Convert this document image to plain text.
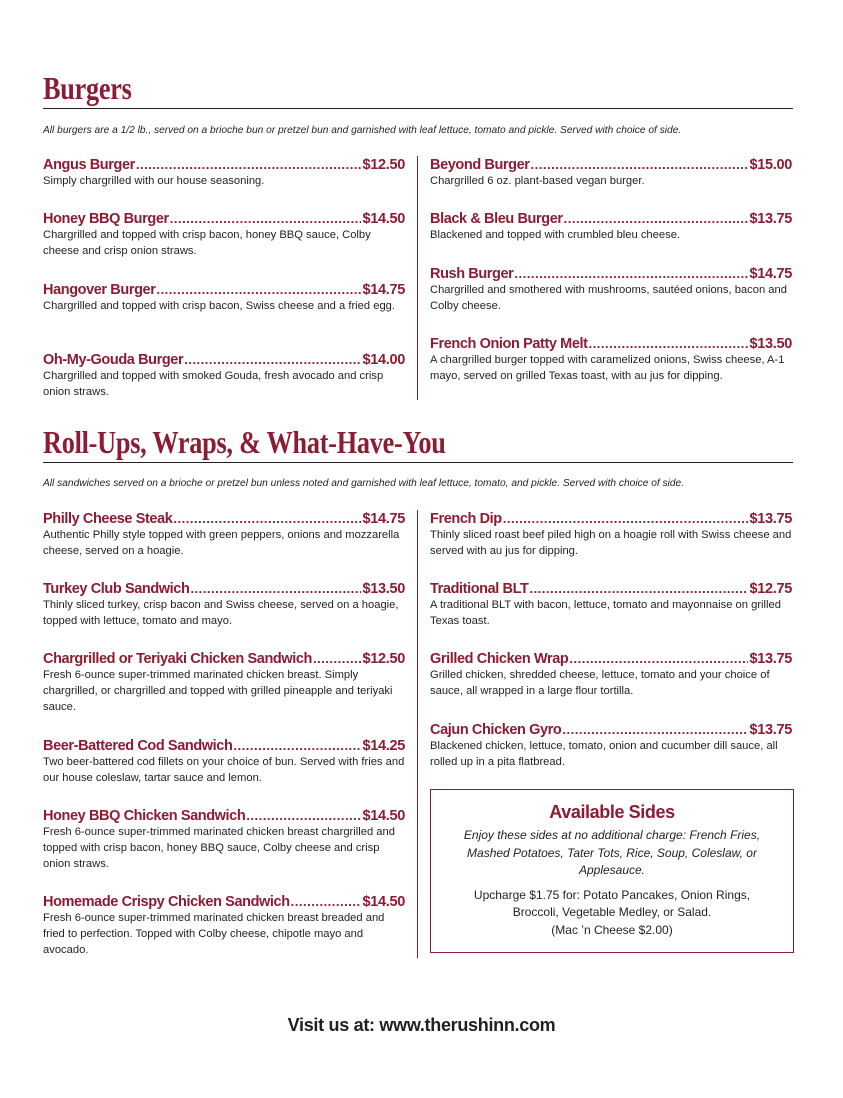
Burgers
All burgers are a 1/2 lb., served on a brioche bun or pretzel bun and garnished with leaf lettuce, tomato and pickle. Served with choice of side.
Angus Burger .....	$12.50
Simply chargrilled with our house seasoning.
Honey BBQ Burger .....	$14.50
Chargrilled and topped with crisp bacon, honey BBQ sauce, Colby cheese and crisp onion straws.
Hangover Burger .....	$14.75
Chargrilled and topped with crisp bacon, Swiss cheese and a fried egg.
Oh-My-Gouda Burger .....	$14.00
Chargrilled and topped with smoked Gouda, fresh avocado and crisp onion straws.
Beyond Burger .....	$15.00
Chargrilled 6 oz. plant-based vegan burger.
Black & Bleu Burger .....	$13.75
Blackened and topped with crumbled bleu cheese.
Rush Burger .....	$14.75
Chargrilled and smothered with mushrooms, sautéed onions, bacon and Colby cheese.
French Onion Patty Melt .....	$13.50
A chargrilled burger topped with caramelized onions, Swiss cheese, A-1 mayo, served on grilled Texas toast, with au jus for dipping.
Roll-Ups, Wraps, & What-Have-You
All sandwiches served on a brioche or pretzel bun unless noted and garnished with leaf lettuce, tomato, and pickle. Served with choice of side.
Philly Cheese Steak .....	$14.75
Authentic Philly style topped with green peppers, onions and mozzarella cheese, served on a hoagie.
Turkey Club Sandwich .....	$13.50
Thinly sliced turkey, crisp bacon and Swiss cheese, served on a hoagie, topped with lettuce, tomato and mayo.
Chargrilled or Teriyaki Chicken Sandwich .....	$12.50
Fresh 6-ounce super-trimmed marinated chicken breast. Simply chargrilled, or chargrilled and topped with grilled pineapple and teriyaki sauce.
Beer-Battered Cod Sandwich .....	$14.25
Two beer-battered cod fillets on your choice of bun. Served with fries and our house coleslaw, tartar sauce and lemon.
Honey BBQ Chicken Sandwich .....	$14.50
Fresh 6-ounce super-trimmed marinated chicken breast chargrilled and topped with crisp bacon, honey BBQ sauce, Colby cheese and crisp onion straws.
Homemade Crispy Chicken Sandwich .....	$14.50
Fresh 6-ounce super-trimmed marinated chicken breast breaded and fried to perfection. Topped with Colby cheese, chipotle mayo and avocado.
French Dip .....	$13.75
Thinly sliced roast beef piled high on a hoagie roll with Swiss cheese and served with au jus for dipping.
Traditional BLT .....	$12.75
A traditional BLT with bacon, lettuce, tomato and mayonnaise on grilled Texas toast.
Grilled Chicken Wrap .....	$13.75
Grilled chicken, shredded cheese, lettuce, tomato and your choice of sauce, all wrapped in a large flour tortilla.
Cajun Chicken Gyro .....	$13.75
Blackened chicken, lettuce, tomato, onion and cucumber dill sauce, all rolled up in a pita flatbread.
Available Sides
Enjoy these sides at no additional charge: French Fries, Mashed Potatoes, Tater Tots, Rice, Soup, Coleslaw, or Applesauce.
Upcharge $1.75 for: Potato Pancakes, Onion Rings, Broccoli, Vegetable Medley, or Salad.
(Mac ’n Cheese $2.00)
Visit us at: www.therushinn.com
